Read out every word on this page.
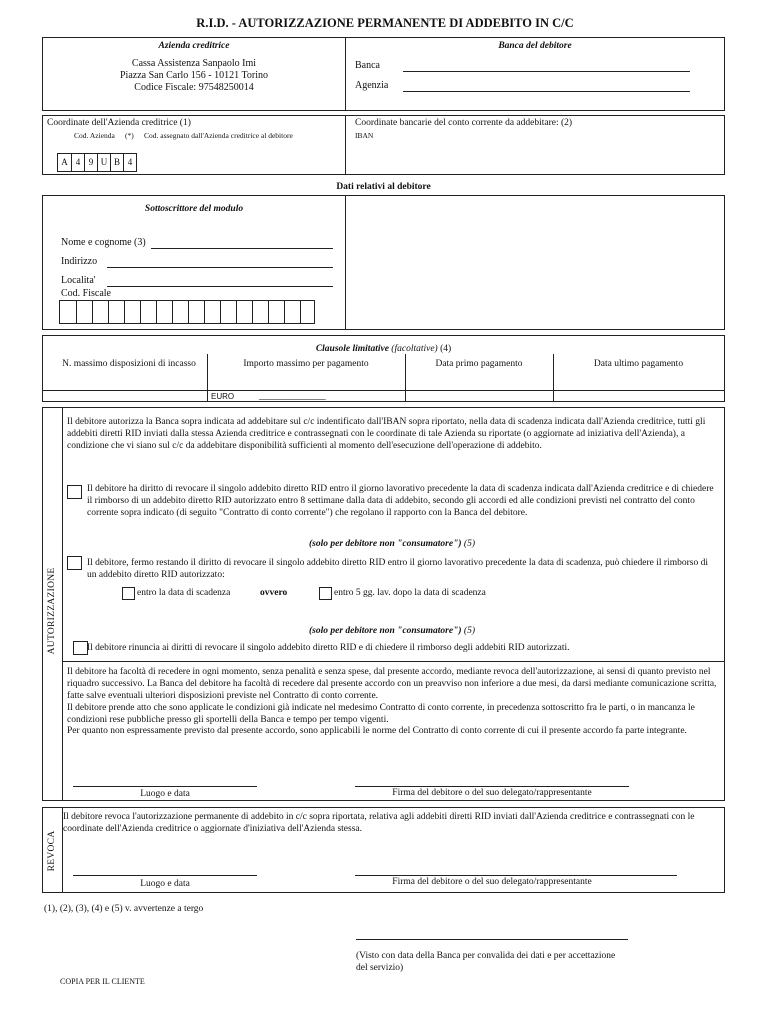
R.I.D. - AUTORIZZAZIONE PERMANENTE DI ADDEBITO IN C/C
Azienda creditrice
Cassa Assistenza Sanpaolo Imi
Piazza San Carlo 156 - 10121 Torino
Codice Fiscale: 97548250014
Banca del debitore
Banca
Agenzia
Coordinate dell'Azienda creditrice (1)
Cod. Azienda (*) Cod. assegnato dall'Azienda creditrice al debitore
A 4 9 U B 4
Coordinate bancarie del conto corrente da addebitare: (2)
IBAN
Dati relativi al debitore
Sottoscrittore del modulo
Nome e cognome (3)
Indirizzo
Localita'
Cod. Fiscale
Clausole limitative (facoltative) (4)
N. massimo disposizioni di incasso	Importo massimo per pagamento	Data primo pagamento	Data ultimo pagamento
EURO	_______________
AUTORIZZAZIONE

Il debitore autorizza la Banca sopra indicata ad addebitare sul c/c indentificato dall'IBAN sopra riportato, nella data di scadenza indicata dall'Azienda creditrice, tutti gli addebiti diretti RID inviati dalla stessa Azienda creditrice e contrassegnati con le coordinate di tale Azienda su riportate (o aggiornate ad iniziativa dell'Azienda), a condizione che vi siano sul c/c da addebitare disponibilità sufficienti al momento dell'esecuzione dell'operazione di addebito.

Il debitore ha diritto di revocare il singolo addebito diretto RID entro il giorno lavorativo precedente la data di scadenza indicata dall'Azienda creditrice e di chiedere il rimborso di un addebito diretto RID autorizzato entro 8 settimane dalla data di addebito, secondo gli accordi ed alle condizioni previsti nel contratto del conto corrente sopra indicato (di seguito "Contratto di conto corrente") che regolano il rapporto con la Banca del debitore.

(solo per debitore non "consumatore") (5)

Il debitore, fermo restando il diritto di revocare il singolo addebito diretto RID entro il giorno lavorativo precedente la data di scadenza, può chiedere il rimborso di un addebito diretto RID autorizzato:

entro la data di scadenza	ovvero	entro 5 gg. lav. dopo la data di scadenza
(solo per debitore non "consumatore") (5)
Il debitore rinuncia ai diritti di revocare il singolo addebito diretto RID e di chiedere il rimborso degli addebiti RID autorizzati.

Il debitore ha facoltà di recedere in ogni momento, senza penalità e senza spese, dal presente accordo, mediante revoca dell'autorizzazione, ai sensi di quanto previsto nel riquadro successivo. La Banca del debitore ha facoltà di recedere dal presente accordo con un preavviso non inferiore a due mesi, da darsi mediante comunicazione scritta, fatte salve eventuali ulteriori disposizioni previste nel Contratto di conto corrente.

Il debitore prende atto che sono applicate le condizioni già indicate nel medesimo Contratto di conto corrente, in precedenza sottoscritto fra le parti, o in mancanza le condizioni rese pubbliche presso gli sportelli della Banca e tempo per tempo vigenti.

Per quanto non espressamente previsto dal presente accordo, sono applicabili le norme del Contratto di conto corrente di cui il presente accordo fa parte integrante.

Luogo e data	Firma del debitore o del suo delegato/rappresentante
REVOCA

Il debitore revoca l'autorizzazione permanente di addebito in c/c sopra riportata, relativa agli addebiti diretti RID inviati dall'Azienda creditrice e contrassegnati con le coordinate dell'Azienda creditrice o aggiornate d'iniziativa dell'Azienda stessa.

Luogo e data	Firma del debitore o del suo delegato/rappresentante
(1), (2), (3), (4) e (5) v. avvertenze a tergo

(Visto con data della Banca per convalida dei dati e per accettazione del servizio)

COPIA PER IL CLIENTE
